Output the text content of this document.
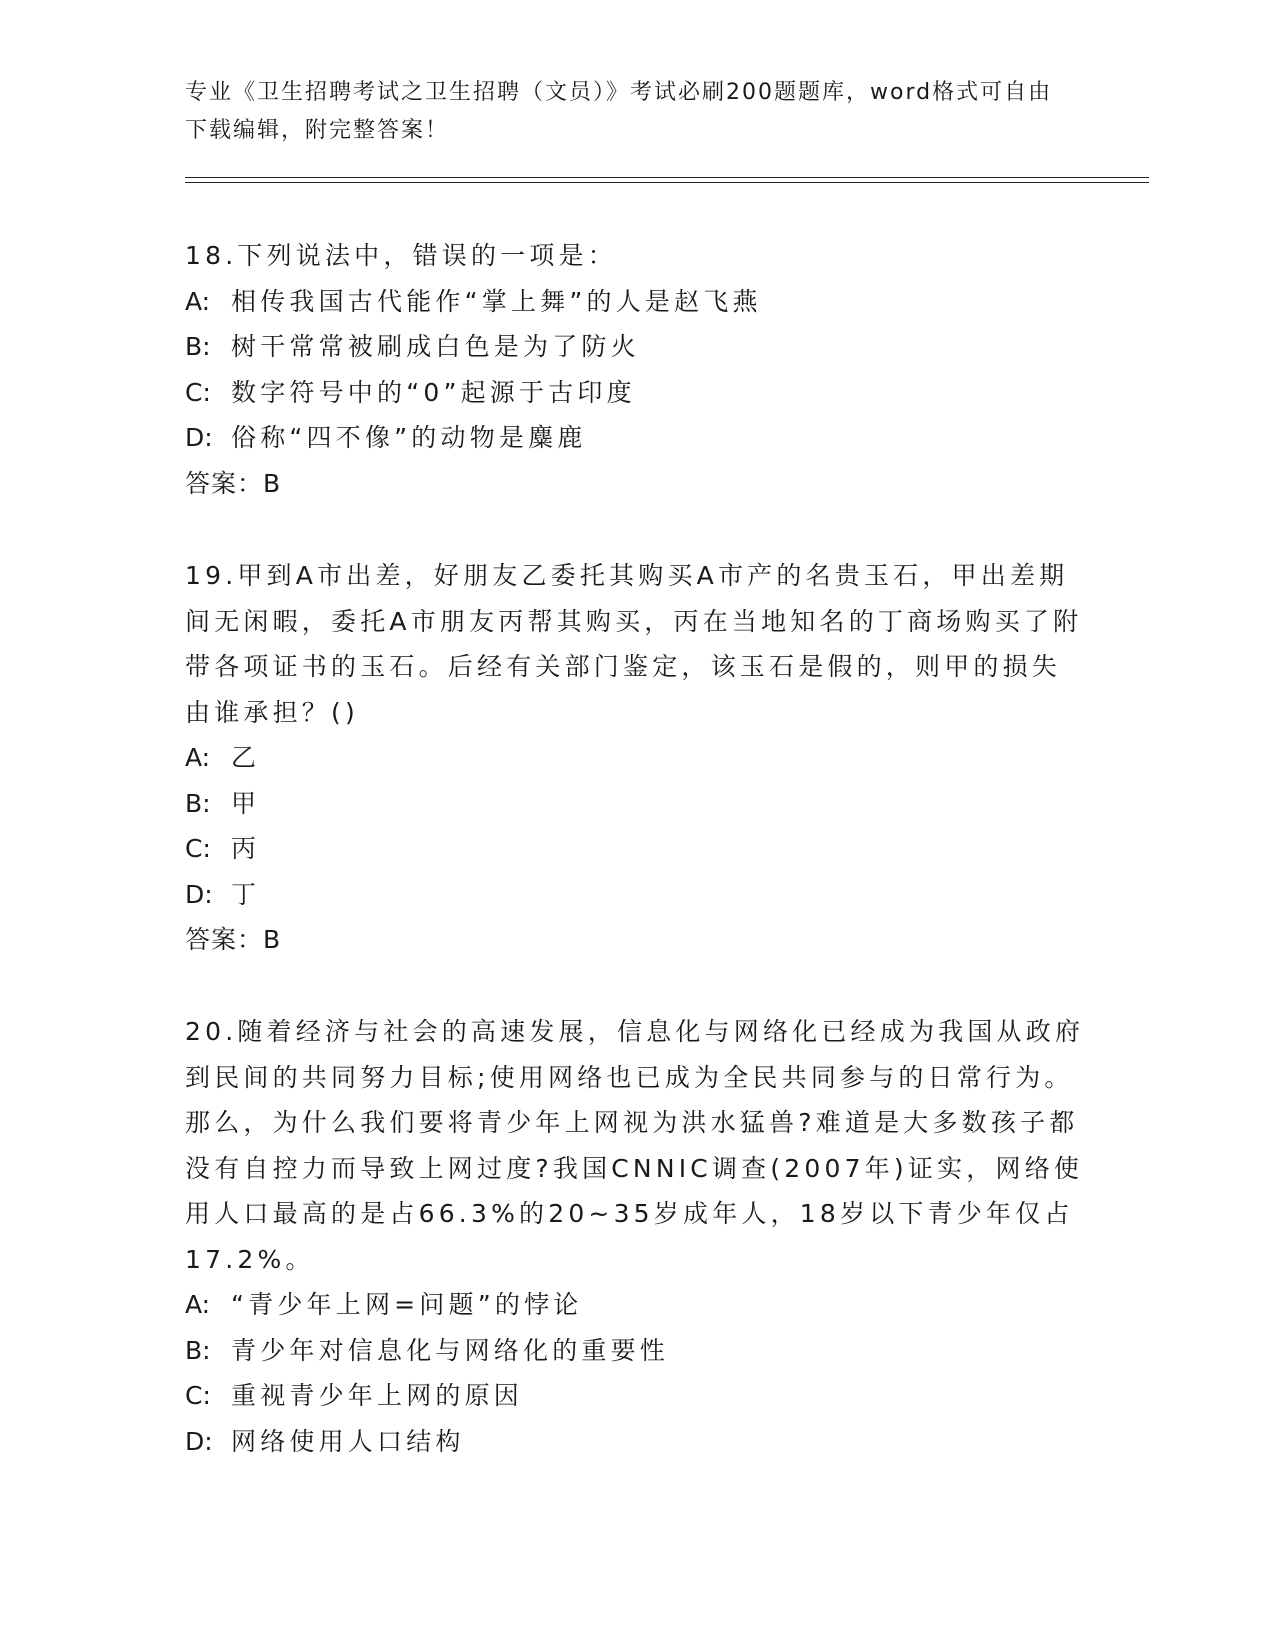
专业《卫生招聘考试之卫生招聘（文员）》考试必刷200题题库，word格式可自由下载编辑，附完整答案！
18.下列说法中，错误的一项是：
A: 相传我国古代能作“掌上舞”的人是赵飞燕
B: 树干常常被刷成白色是为了防火
C: 数字符号中的“0”起源于古印度
D: 俗称“四不像”的动物是麋鹿
答案：B
19.甲到A市出差，好朋友乙委托其购买A市产的名贵玉石，甲出差期间无闲暇，委托A市朋友丙帮其购买，丙在当地知名的丁商场购买了附带各项证书的玉石。后经有关部门鉴定，该玉石是假的，则甲的损失由谁承担？()
A: 乙
B: 甲
C: 丙
D: 丁
答案：B
20.随着经济与社会的高速发展，信息化与网络化已经成为我国从政府到民间的共同努力目标;使用网络也已成为全民共同参与的日常行为。那么，为什么我们要将青少年上网视为洪水猛兽?难道是大多数孩子都没有自控力而导致上网过度?我国CNNIC调查(2007年)证实，网络使用人口最高的是占66.3%的20~35岁成年人，18岁以下青少年仅占17.2%。
A: “青少年上网=问题”的悖论
B: 青少年对信息化与网络化的重要性
C: 重视青少年上网的原因
D: 网络使用人口结构
